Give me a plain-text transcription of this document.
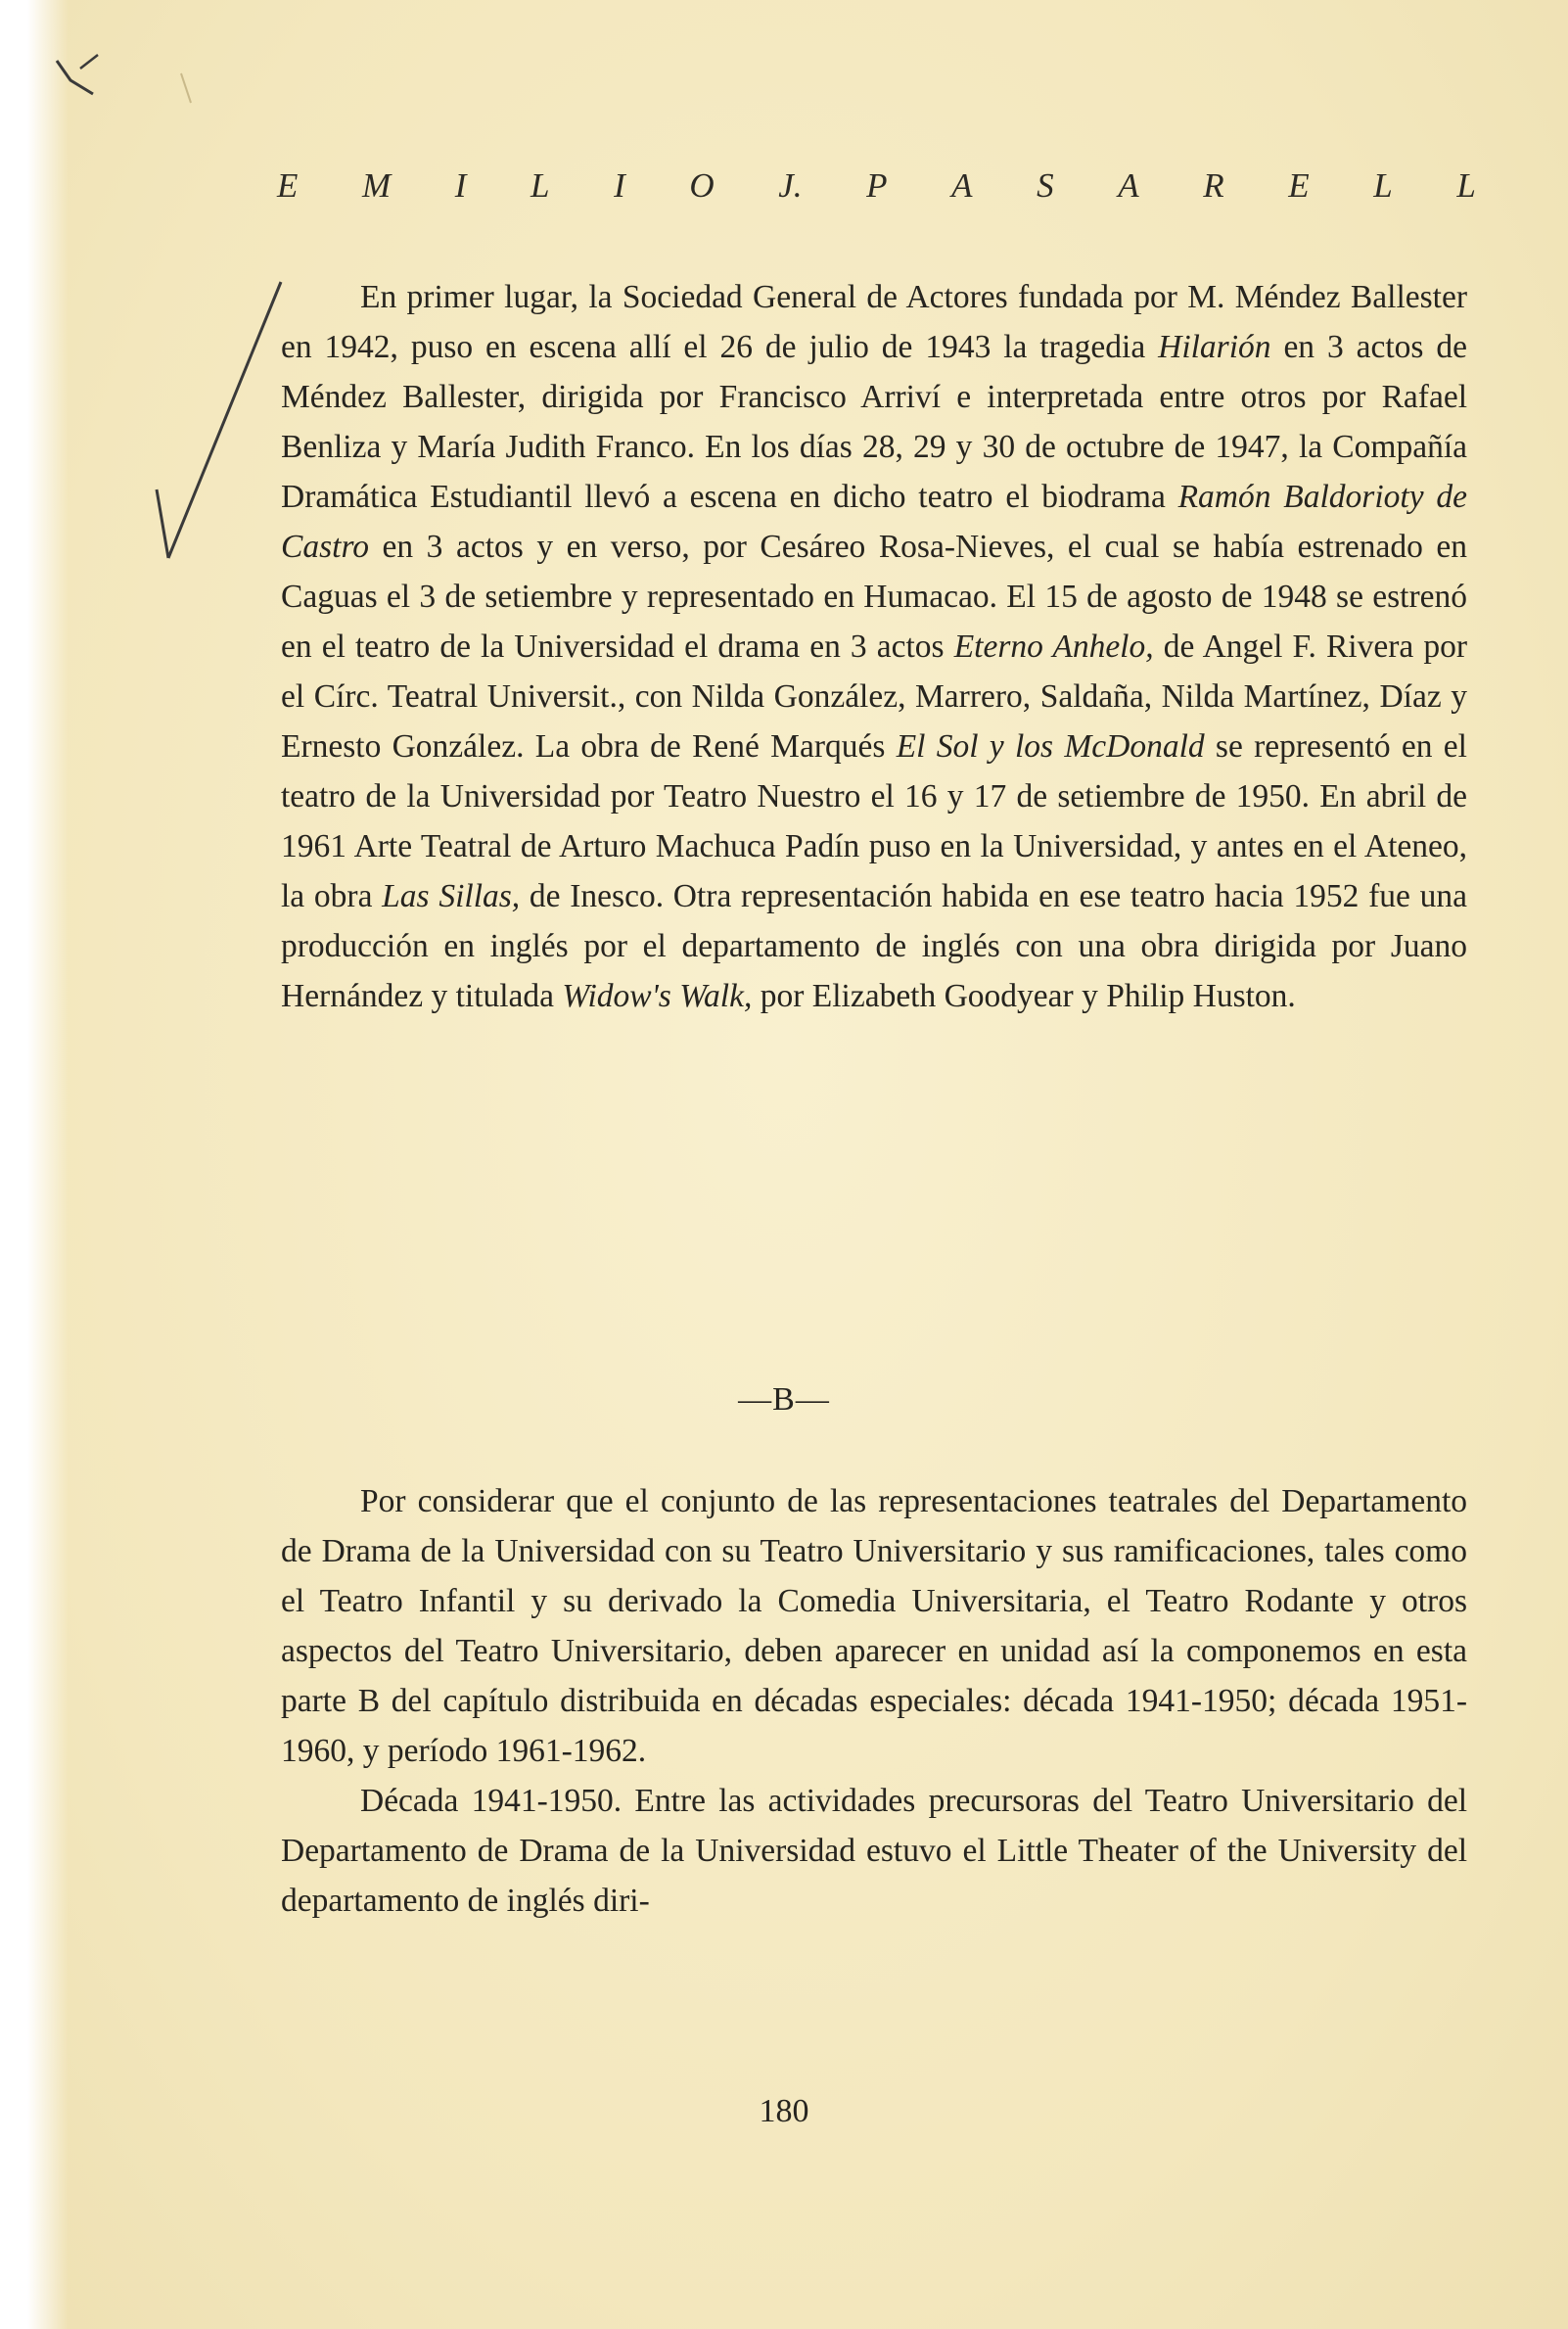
E M I L I O J. P A S A R E L L

En primer lugar, la Sociedad General de Actores fundada por M. Méndez Ballester en 1942, puso en escena allí el 26 de julio de 1943 la tragedia Hilarión en 3 actos de Méndez Ballester, dirigida por Francisco Arriví e interpretada entre otros por Rafael Benliza y María Judith Franco. En los días 28, 29 y 30 de octubre de 1947, la Compañía Dramática Estudiantil llevó a escena en dicho teatro el biodrama Ramón Baldorioty de Castro en 3 actos y en verso, por Cesáreo Rosa-Nieves, el cual se había estrenado en Caguas el 3 de setiembre y representado en Humacao. El 15 de agosto de 1948 se estrenó en el teatro de la Universidad el drama en 3 actos Eterno Anhelo, de Angel F. Rivera por el Círc. Teatral Universit., con Nilda González, Marrero, Saldaña, Nilda Martínez, Díaz y Ernesto González. La obra de René Marqués El Sol y los McDonald se representó en el teatro de la Universidad por Teatro Nuestro el 16 y 17 de setiembre de 1950. En abril de 1961 Arte Teatral de Arturo Machuca Padín puso en la Universidad, y antes en el Ateneo, la obra Las Sillas, de Inesco. Otra representación habida en ese teatro hacia 1952 fue una producción en inglés por el departamento de inglés con una obra dirigida por Juano Hernández y titulada Widow's Walk, por Elizabeth Goodyear y Philip Huston.

—B—

Por considerar que el conjunto de las representaciones teatrales del Departamento de Drama de la Universidad con su Teatro Universitario y sus ramificaciones, tales como el Teatro Infantil y su derivado la Comedia Universitaria, el Teatro Rodante y otros aspectos del Teatro Universitario, deben aparecer en unidad así la componemos en esta parte B del capítulo distribuida en décadas especiales: década 1941-1950; década 1951-1960, y período 1961-1962.

Década 1941-1950. Entre las actividades precursoras del Teatro Universitario del Departamento de Drama de la Universidad estuvo el Little Theater of the University del departamento de inglés diri-

180
